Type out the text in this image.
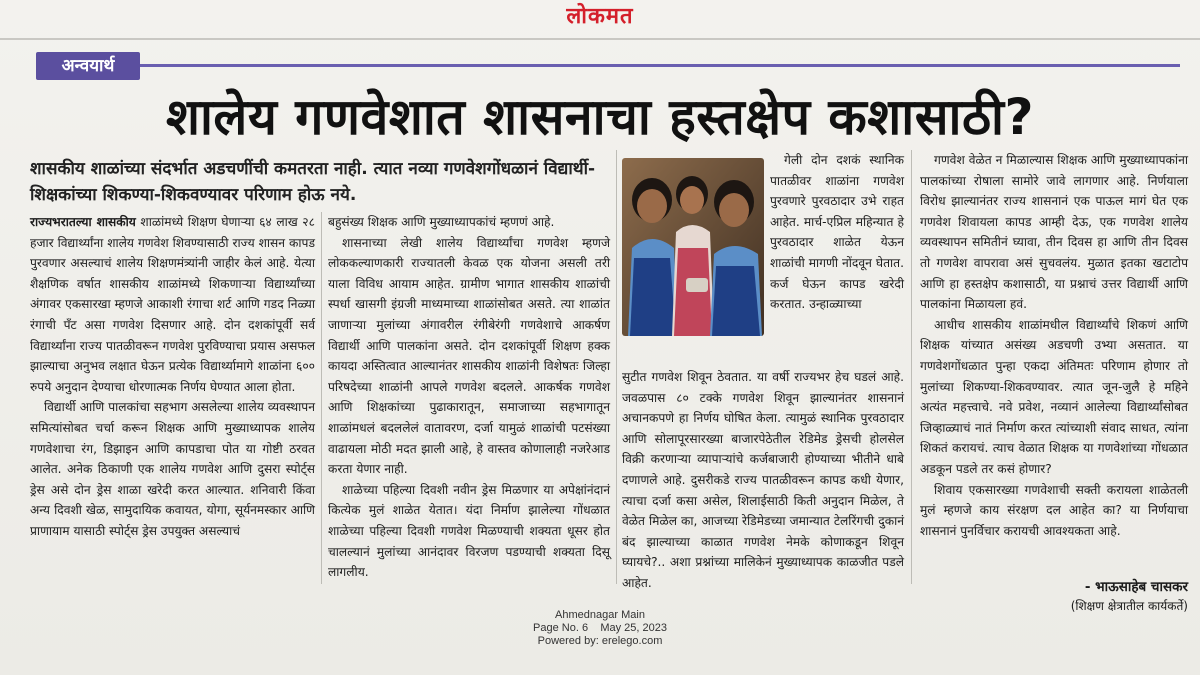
लोकमत
अन्वयार्थ
शालेय गणवेशात शासनाचा हस्तक्षेप कशासाठी?
शासकीय शाळांच्या संदर्भात अडचणींची कमतरता नाही. त्यात नव्या गणवेशगोंधळानं विद्यार्थी-शिक्षकांच्या शिकण्या-शिकवण्यावर परिणाम होऊ नये.

राज्यभरातल्या शासकीय शाळांमध्ये शिक्षण घेणाऱ्या ६४ लाख २८ हजार विद्यार्थ्यांना शालेय गणवेश शिवण्यासाठी राज्य शासन कापड पुरवणार असल्याचं शालेय शिक्षणमंत्र्यांनी जाहीर केलं आहे. येत्या शैक्षणिक वर्षात शासकीय शाळांमध्ये शिकणाऱ्या विद्यार्थ्यांच्या अंगावर एकसारखा म्हणजे आकाशी रंगाचा शर्ट आणि गडद निळ्या रंगाची पँट असा गणवेश दिसणार आहे. दोन दशकांपूर्वी सर्व विद्यार्थ्यांना राज्य पातळीवरून गणवेश पुरविण्याचा प्रयास असफल झाल्याचा अनुभव लक्षात घेऊन प्रत्येक विद्यार्थ्यामागे शाळांना ६०० रुपये अनुदान देण्याचा धोरणात्मक निर्णय घेण्यात आला होता.

विद्यार्थी आणि पालकांचा सहभाग असलेल्या शालेय व्यवस्थापन समित्यांसोबत चर्चा करून शिक्षक आणि मुख्याध्यापक शालेय गणवेशाचा रंग, डिझाइन आणि कापडाचा पोत या गोष्टी ठरवत आलेत. अनेक ठिकाणी एक शालेय गणवेश आणि दुसरा स्पोर्ट्स ड्रेस असे दोन ड्रेस शाळा खरेदी करत आल्यात. शनिवारी किंवा अन्य दिवशी खेळ, सामुदायिक कवायत, योगा, सूर्यनमस्कार आणि प्राणायाम यासाठी स्पोर्ट्स ड्रेस उपयुक्त असल्याचं

बहुसंख्य शिक्षक आणि मुख्याध्यापकांचं म्हणणं आहे.

शासनाच्या लेखी शालेय विद्यार्थ्यांचा गणवेश म्हणजे लोककल्याणकारी राज्यातली केवळ एक योजना असली तरी याला विविध आयाम आहेत. ग्रामीण भागात शासकीय शाळांची स्पर्धा खासगी इंग्रजी माध्यमाच्या शाळांसोबत असते. त्या शाळांत जाणाऱ्या मुलांच्या अंगावरील रंगीबेरंगी गणवेशाचे आकर्षण विद्यार्थी आणि पालकांना असते. दोन दशकांपूर्वी शिक्षण हक्क कायदा अस्तित्वात आल्यानंतर शासकीय शाळांनी विशेषतः जिल्हा परिषदेच्या शाळांनी आपले गणवेश बदलले. आकर्षक गणवेश आणि शिक्षकांच्या पुढाकारातून, समाजाच्या सहभागातून शाळांमधलं बदललेलं वातावरण, दर्जा यामुळं शाळांची पटसंख्या वाढायला मोठी मदत झाली आहे, हे वास्तव कोणालाही नजरेआड करता येणार नाही.

शाळेच्या पहिल्या दिवशी नवीन ड्रेस मिळणार या अपेक्षांनंदानं कित्येक मुलं शाळेत येतात। यंदा निर्माण झालेल्या गोंधळात शाळेच्या पहिल्या दिवशी गणवेश मिळण्याची शक्यता धूसर होत चालल्यानं मुलांच्या आनंदावर विरजण पडण्याची शक्यता दिसू लागलीय.

गेली दोन दशकं स्थानिक पातळीवर शाळांना गणवेश पुरवणारे पुरवठादार उभे राहत आहेत. मार्च-एप्रिल महिन्यात हे पुरवठादार शाळेत येऊन शाळांची मागणी नोंदवून घेतात. कर्ज घेऊन कापड खरेदी करतात. उन्हाळ्याच्या
सुटीत गणवेश शिवून ठेवतात. या वर्षी राज्यभर हेच घडलं आहे. जवळपास ८० टक्के गणवेश शिवून झाल्यानंतर शासनानं अचानकपणे हा निर्णय घोषित केला. त्यामुळं स्थानिक पुरवठादार आणि सोलापूरसारख्या बाजारपेठेतील रेडिमेड ड्रेसची होलसेल विक्री करणाऱ्या व्यापाऱ्यांचे कर्जबाजारी होण्याच्या भीतीने धाबे दणाणले आहे. दुसरीकडे राज्य पातळीवरून कापड कधी येणार, त्याचा दर्जा कसा असेल, शिलाईसाठी किती अनुदान मिळेल, ते वेळेत मिळेल का, आजच्या रेडिमेडच्या जमान्यात टेलरिंगची दुकानं बंद झाल्याच्या काळात गणवेश नेमके कोणाकडून शिवून घ्यायचे?.. अशा प्रश्नांच्या मालिकेनं मुख्याध्यापक काळजीत पडले आहेत.

गणवेश वेळेत न मिळाल्यास शिक्षक आणि मुख्याध्यापकांना पालकांच्या रोषाला सामोरे जावे लागणार आहे. निर्णयाला विरोध झाल्यानंतर राज्य शासनानं एक पाऊल मागं घेत एक गणवेश शिवायला कापड आम्ही देऊ, एक गणवेश शालेय व्यवस्थापन समितीनं घ्यावा, तीन दिवस हा आणि तीन दिवस तो गणवेश वापरावा असं सुचवलंय. मुळात इतका खटाटोप आणि हा हस्तक्षेप कशासाठी, या प्रश्नाचं उत्तर विद्यार्थी आणि पालकांना मिळायला हवं.

आधीच शासकीय शाळांमधील विद्यार्थ्यांचे शिकणं आणि शिक्षक यांच्यात असंख्य अडचणी उभ्या असतात. या गणवेशगोंधळात पुन्हा एकदा अंतिमतः परिणाम होणार तो मुलांच्या शिकण्या-शिकवण्यावर. त्यात जून-जुलै हे महिने अत्यंत महत्त्वाचे. नवे प्रवेश, नव्यानं आलेल्या विद्यार्थ्यांसोबत जिव्हाळ्याचं नातं निर्माण करत त्यांच्याशी संवाद साधत, त्यांना शिकतं करायचं. त्याच वेळात शिक्षक या गणवेशांच्या गोंधळात अडकून पडले तर कसं होणार?

शिवाय एकसारख्या गणवेशाची सक्ती करायला शाळेतली मुलं म्हणजे काय संरक्षण दल आहेत का? या निर्णयाचा शासनानं पुनर्विचार करायची आवश्यकता आहे.

- भाऊसाहेब चासकर
(शिक्षण क्षेत्रातील कार्यकर्ते)
Ahmednagar Main
Page No. 6 May 25, 2023
Powered by: erelego.com
